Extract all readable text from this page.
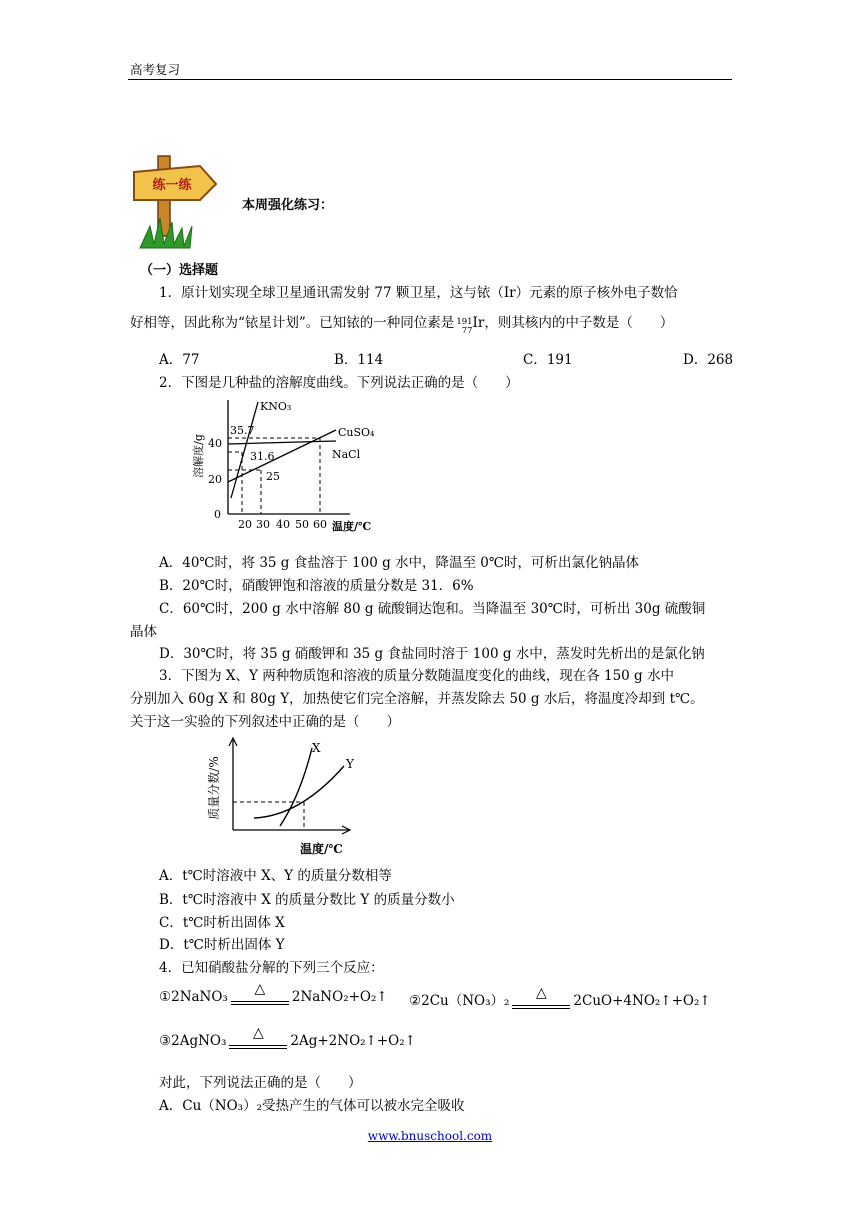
高考复习
练一练
本周强化练习：
（一）选择题
1．原计划实现全球卫星通讯需发射 77 颗卫星，这与铱（Ir）元素的原子核外电子数恰
好相等，因此称为“铱星计划”。已知铱的一种同位素是 191
77Ir，则其核内的中子数是（　　）
A．77	B．114	C．191	D．268
2．下图是几种盐的溶解度曲线。下列说法正确的是（　　）
溶解度/g 40
20
0
20 30 40 50 60 温度/℃
KNO₃
CuSO₄
NaCl
35.7
31.6
25
A．40℃时，将 35 g 食盐溶于 100 g 水中，降温至 0℃时，可析出氯化钠晶体
B．20℃时，硝酸钾饱和溶液的质量分数是 31．6%
C．60℃时，200 g 水中溶解 80 g 硫酸铜达饱和。当降温至 30℃时，可析出 30g 硫酸铜
晶体
D．30℃时，将 35 g 硝酸钾和 35 g 食盐同时溶于 100 g 水中，蒸发时先析出的是氯化钠
3．下图为 X、Y 两种物质饱和溶液的质量分数随温度变化的曲线，现在各 150 g 水中
分别加入 60g X 和 80g Y，加热使它们完全溶解，并蒸发除去 50 g 水后，将温度冷却到 t℃。
关于这一实验的下列叙述中正确的是（　　）
质量分数/%
温度/℃
X
Y
A．t℃时溶液中 X、Y 的质量分数相等
B．t℃时溶液中 X 的质量分数比 Y 的质量分数小
C．t℃时析出固体 X
D．t℃时析出固体 Y
4．已知硝酸盐分解的下列三个反应：
①2NaNO₃
△
2NaNO₂+O₂↑ ②2Cu（NO₃）₂
△
2CuO+4NO₂↑+O₂↑
③2AgNO₃
△
2Ag+2NO₂↑+O₂↑
对此，下列说法正确的是（　　）
A．Cu（NO₃）₂受热产生的气体可以被水完全吸收
www.bnuschool.com
